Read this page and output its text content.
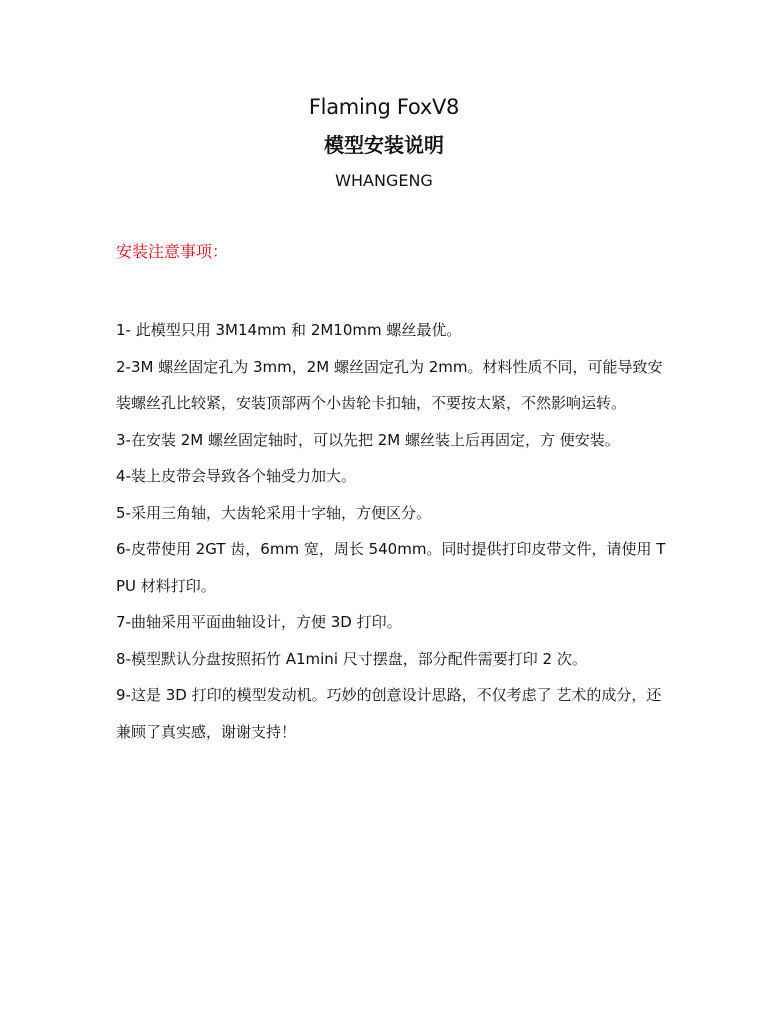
Flaming FoxV8
模型安装说明
WHANGENG
安装注意事项：
1- 此模型只用 3M14mm 和 2M10mm 螺丝最优。
2-3M 螺丝固定孔为 3mm，2M 螺丝固定孔为 2mm。材料性质不同，可能导致安装螺丝孔比较紧，安装顶部两个小齿轮卡扣轴，不要按太紧，不然影响运转。
3-在安装 2M 螺丝固定轴时，可以先把 2M 螺丝装上后再固定，方 便安装。
4-装上皮带会导致各个轴受力加大。
5-采用三角轴，大齿轮采用十字轴，方便区分。
6-皮带使用 2GT 齿，6mm 宽，周长 540mm。同时提供打印皮带文件，请使用 TPU 材料打印。
7-曲轴采用平面曲轴设计，方便 3D 打印。
8-模型默认分盘按照拓竹 A1mini 尺寸摆盘，部分配件需要打印 2 次。
9-这是 3D 打印的模型发动机。巧妙的创意设计思路，不仅考虑了 艺术的成分，还兼顾了真实感，谢谢支持！
